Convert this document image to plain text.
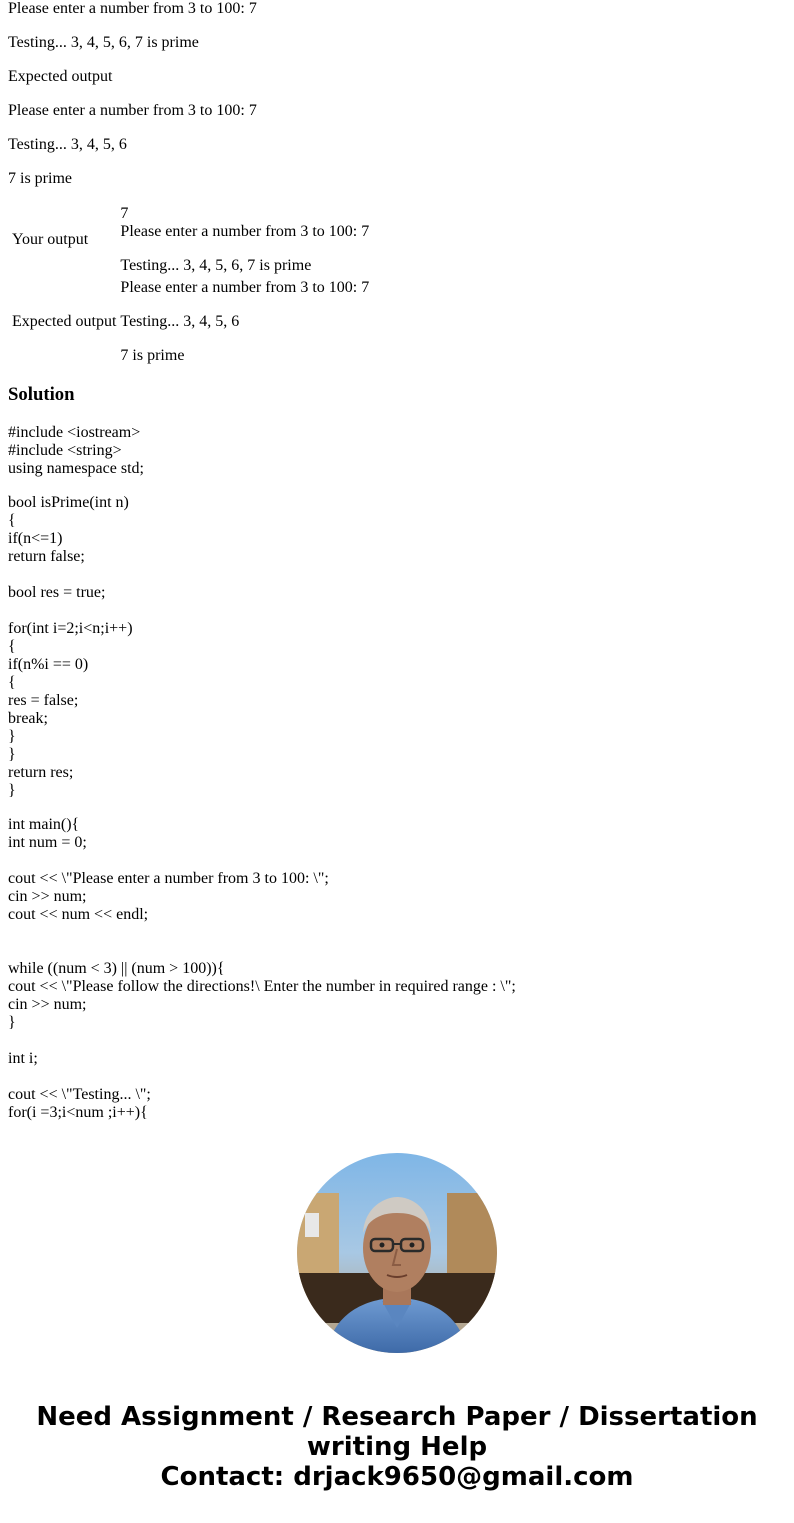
Please enter a number from 3 to 100: 7

Testing... 3, 4, 5, 6, 7 is prime

Expected output

Please enter a number from 3 to 100: 7

Testing... 3, 4, 5, 6

7 is prime

Your output	7

Please enter a number from 3 to 100: 7

Testing... 3, 4, 5, 6, 7 is prime

Expected output	Please enter a number from 3 to 100: 7

Testing... 3, 4, 5, 6

7 is prime

Solution
#include <iostream>
#include <string>
using namespace std;
bool isPrime(int n)
{
if(n<=1)
return false;
bool res = true;
for(int i=2;i<n;i++)
{
if(n%i == 0)
{
res = false;
break;
}
}
return res;
}
int main(){
int num = 0;
cout << \"Please enter a number from 3 to 100: \";
cin >> num;
cout << num << endl;
while ((num < 3) || (num > 100)){
cout << \"Please follow the directions!\ Enter the number in required range : \";
cin >> num;
}
int i;
cout << \"Testing... \";
for(i =3;i<num ;i++){
Need Assignment / Research Paper / Dissertation
writing Help
Contact: drjack9650@gmail.com
